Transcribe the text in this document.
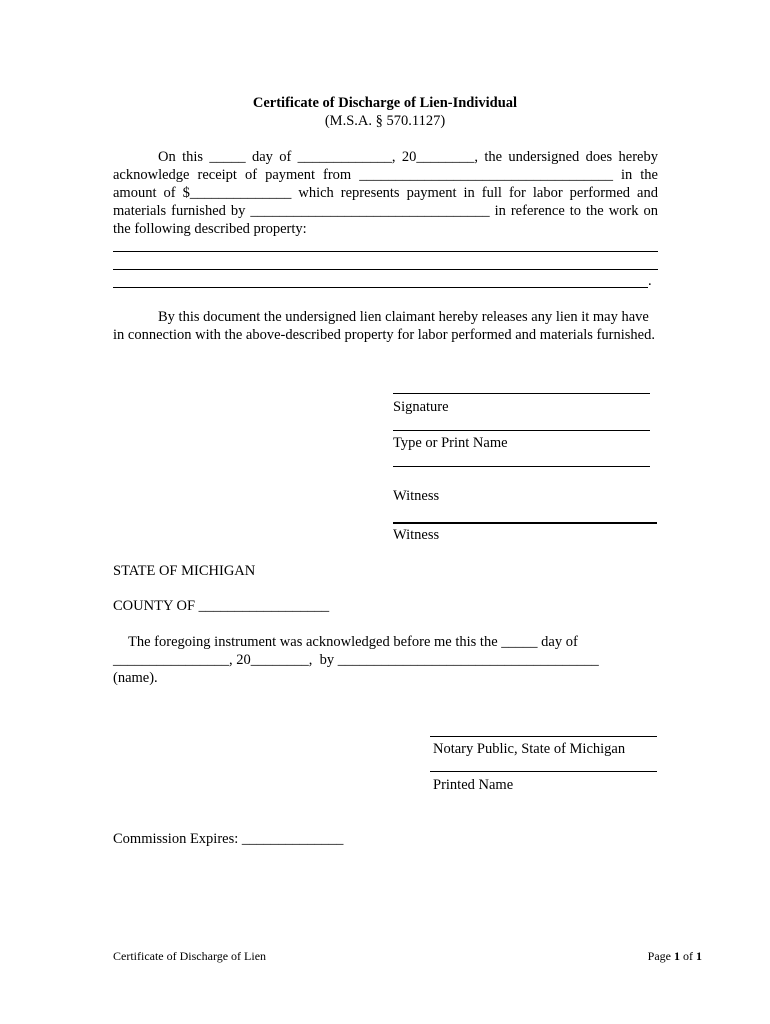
Certificate of Discharge of Lien-Individual
(M.S.A. § 570.1127)
On this _____ day of _____________, 20________, the undersigned does hereby acknowledge receipt of payment from ___________________________________ in the amount of $______________ which represents payment in full for labor performed and materials furnished by _________________________________ in reference to the work on the following described property:
.
By this document the undersigned lien claimant hereby releases any lien it may have in connection with the above-described property for labor performed and materials furnished.
Signature
Type or Print Name
Witness
Witness
STATE OF MICHIGAN
COUNTY OF __________________
The foregoing instrument was acknowledged before me this the _____ day of
________________, 20________,  by ____________________________________
(name).
Notary Public, State of Michigan
Printed Name
Commission Expires: ______________
Certificate of Discharge of Lien	Page 1 of 1
